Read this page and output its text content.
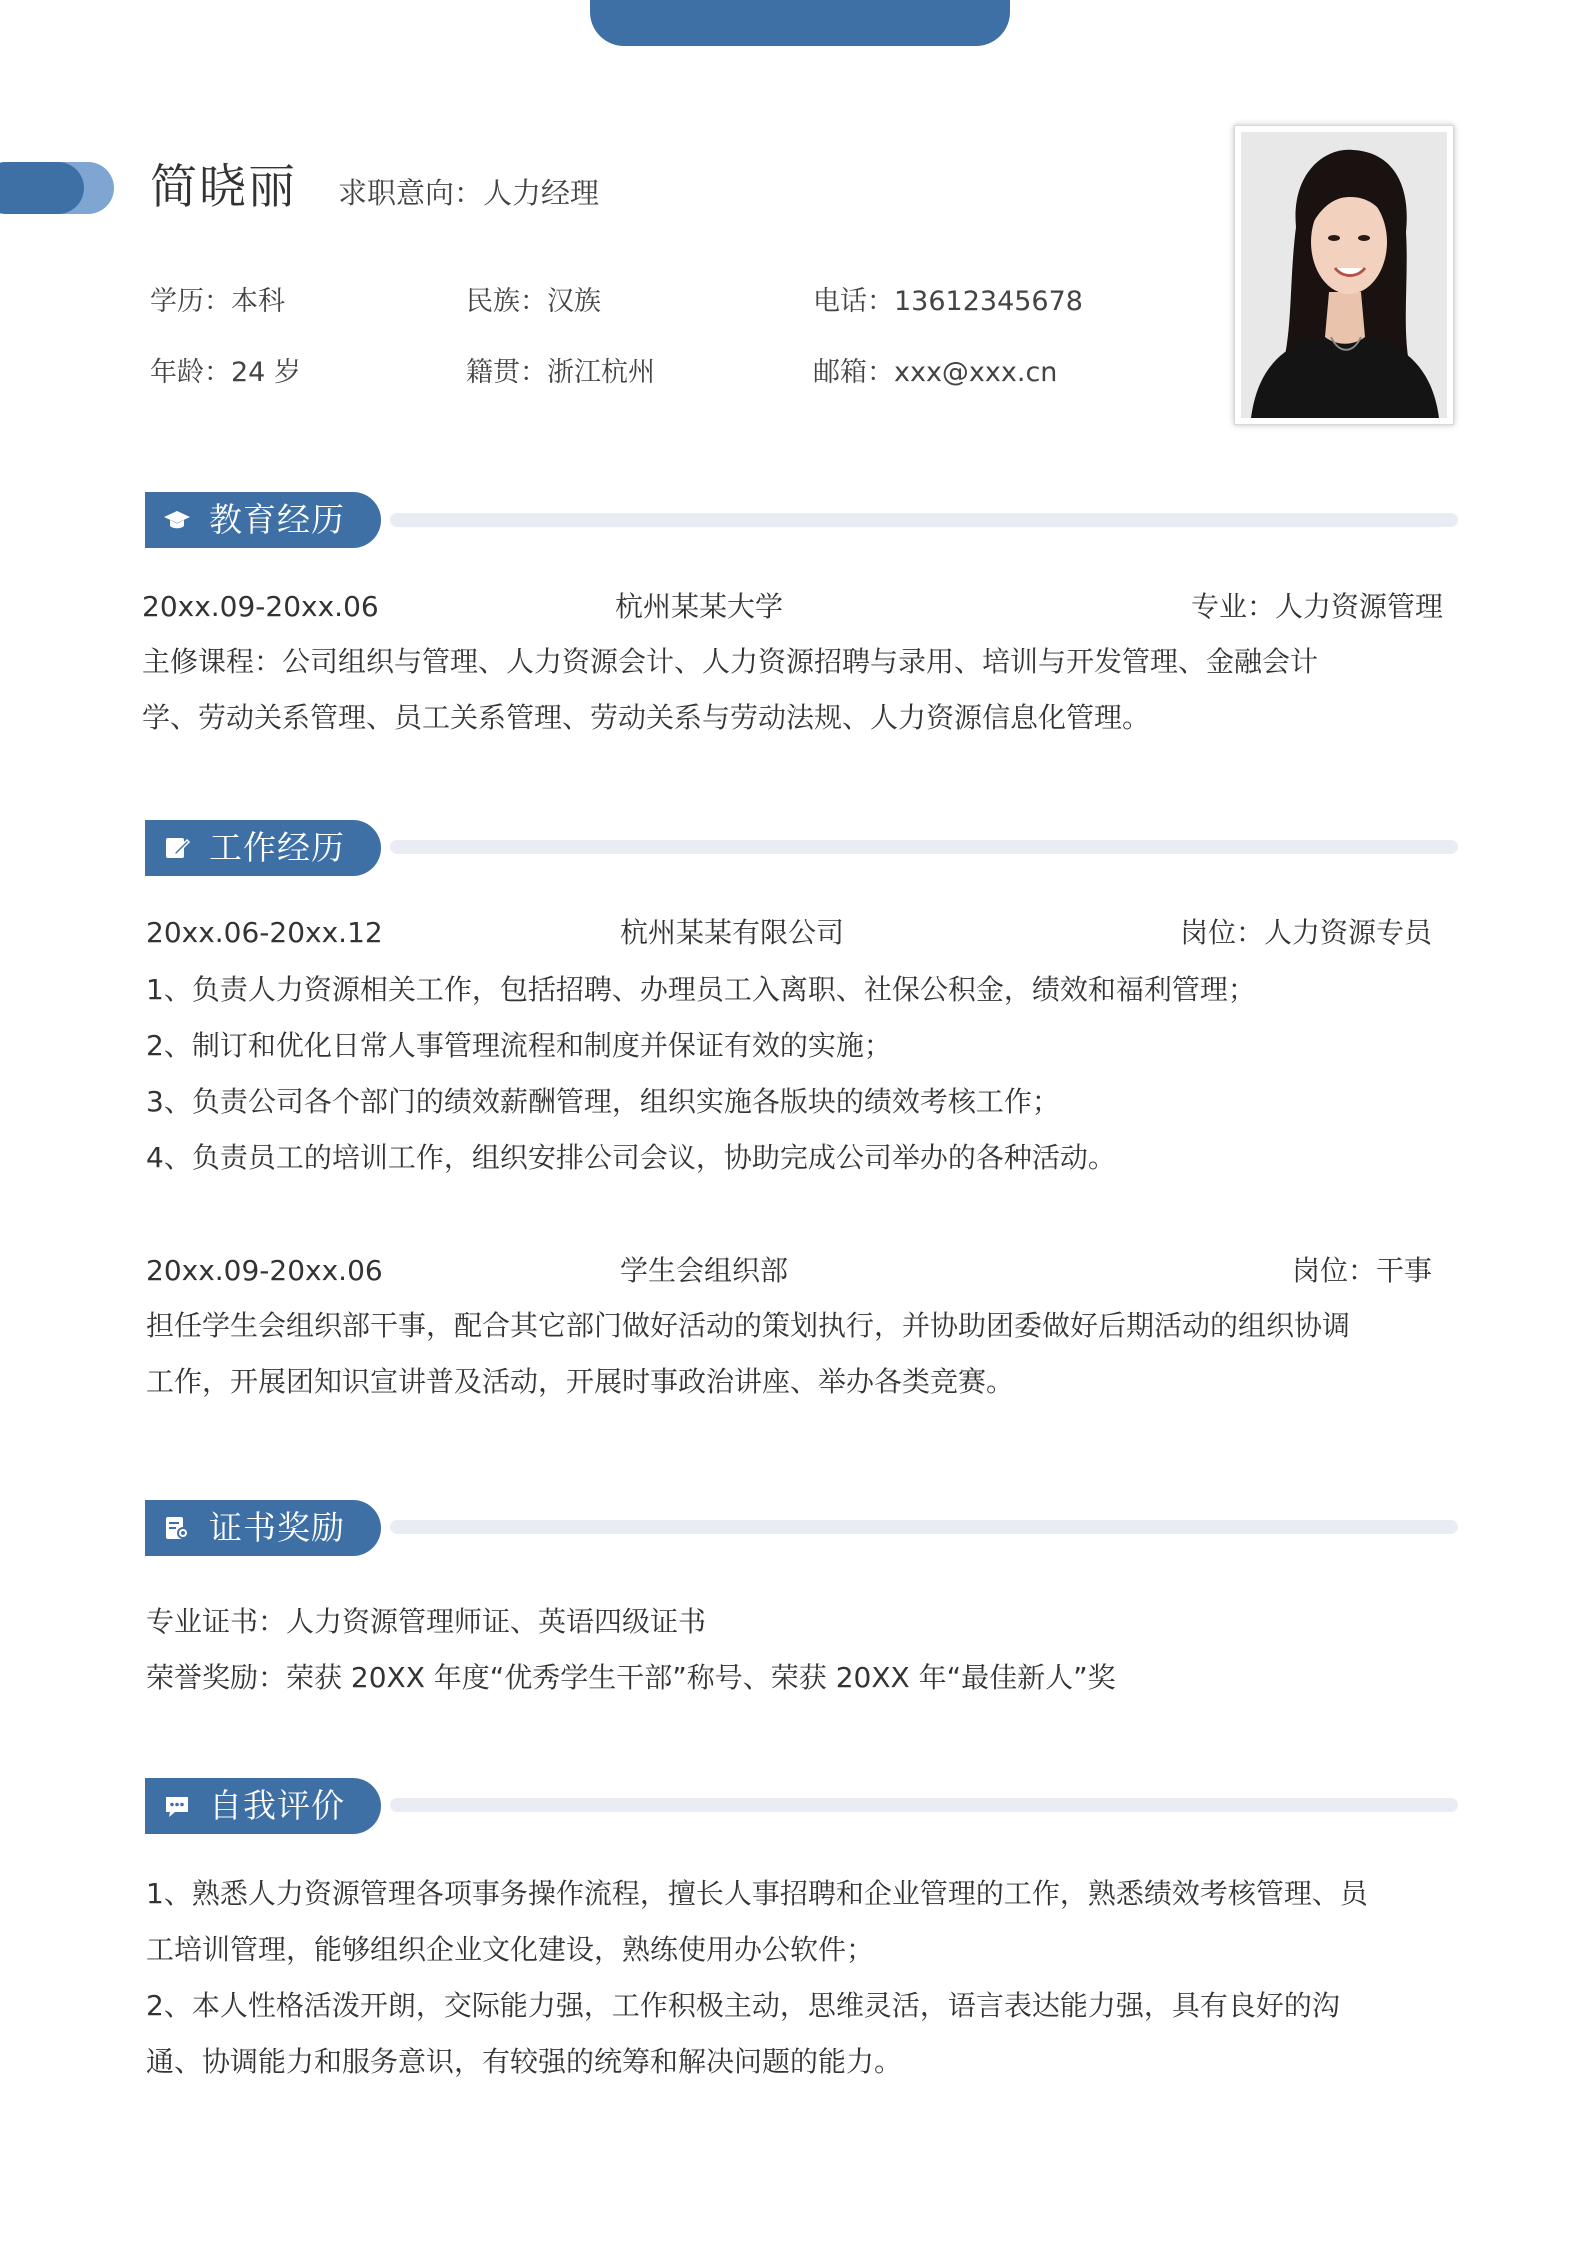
简晓丽 求职意向：人力经理
学历：本科	民族：汉族	电话：13612345678
年龄：24 岁	籍贯：浙江杭州	邮箱：xxx@xxx.cn
教育经历
20xx.09-20xx.06	杭州某某大学	专业：人力资源管理

主修课程：公司组织与管理、人力资源会计、人力资源招聘与录用、培训与开发管理、金融会计

学、劳动关系管理、员工关系管理、劳动关系与劳动法规、人力资源信息化管理。

工作经历
20xx.06-20xx.12	杭州某某有限公司	岗位：人力资源专员

1、负责人力资源相关工作，包括招聘、办理员工入离职、社保公积金，绩效和福利管理；

2、制订和优化日常人事管理流程和制度并保证有效的实施；

3、负责公司各个部门的绩效薪酬管理，组织实施各版块的绩效考核工作；

4、负责员工的培训工作，组织安排公司会议，协助完成公司举办的各种活动。

20xx.09-20xx.06	学生会组织部	岗位：干事

担任学生会组织部干事，配合其它部门做好活动的策划执行，并协助团委做好后期活动的组织协调

工作，开展团知识宣讲普及活动，开展时事政治讲座、举办各类竞赛。

证书奖励

专业证书：人力资源管理师证、英语四级证书

荣誉奖励：荣获 20XX 年度“优秀学生干部”称号、荣获 20XX 年“最佳新人”奖

自我评价

1、熟悉人力资源管理各项事务操作流程，擅长人事招聘和企业管理的工作，熟悉绩效考核管理、员

工培训管理，能够组织企业文化建设，熟练使用办公软件；

2、本人性格活泼开朗，交际能力强，工作积极主动，思维灵活，语言表达能力强，具有良好的沟

通、协调能力和服务意识，有较强的统筹和解决问题的能力。
